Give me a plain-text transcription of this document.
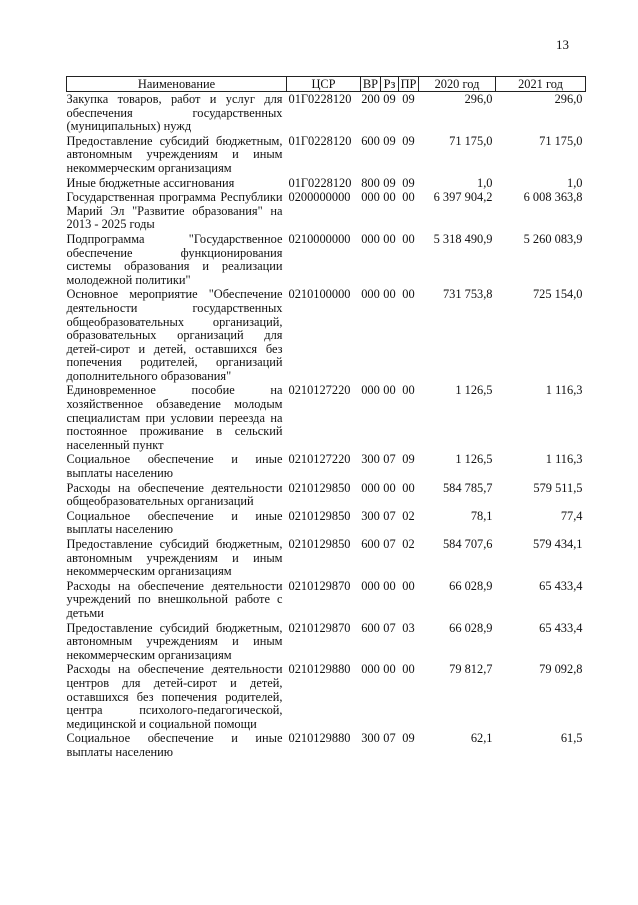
13
Наименование	ЦСР	ВР	Рз	ПР	2020 год	2021 год
Закупка товаров, работ и услуг для обеспечения государственных (муниципальных) нужд	01Г0228120	200	09	09	296,0	296,0
Предоставление субсидий бюджетным, автономным учреждениям и иным некоммерческим организациям	01Г0228120	600	09	09	71 175,0	71 175,0
Иные бюджетные ассигнования	01Г0228120	800	09	09	1,0	1,0
Государственная программа Республики Марий Эл "Развитие образования" на 2013 - 2025 годы	0200000000	000	00	00	6 397 904,2	6 008 363,8
Подпрограмма "Государственное обеспечение функционирования системы образования и реализации молодежной политики"	0210000000	000	00	00	5 318 490,9	5 260 083,9
Основное мероприятие "Обеспечение деятельности государственных общеобразовательных организаций, образовательных организаций для детей-сирот и детей, оставшихся без попечения родителей, организаций дополнительного образования"	0210100000	000	00	00	731 753,8	725 154,0
Единовременное пособие на хозяйственное обзаведение молодым специалистам при условии переезда на постоянное проживание в сельский населенный пункт	0210127220	000	00	00	1 126,5	1 116,3
Социальное обеспечение и иные выплаты населению	0210127220	300	07	09	1 126,5	1 116,3
Расходы на обеспечение деятельности общеобразовательных организаций	0210129850	000	00	00	584 785,7	579 511,5
Социальное обеспечение и иные выплаты населению	0210129850	300	07	02	78,1	77,4
Предоставление субсидий бюджетным, автономным учреждениям и иным некоммерческим организациям	0210129850	600	07	02	584 707,6	579 434,1
Расходы на обеспечение деятельности учреждений по внешкольной работе с детьми	0210129870	000	00	00	66 028,9	65 433,4
Предоставление субсидий бюджетным, автономным учреждениям и иным некоммерческим организациям	0210129870	600	07	03	66 028,9	65 433,4
Расходы на обеспечение деятельности центров для детей-сирот и детей, оставшихся без попечения родителей, центра психолого-педагогической, медицинской и социальной помощи	0210129880	000	00	00	79 812,7	79 092,8
Социальное обеспечение и иные выплаты населению	0210129880	300	07	09	62,1	61,5
